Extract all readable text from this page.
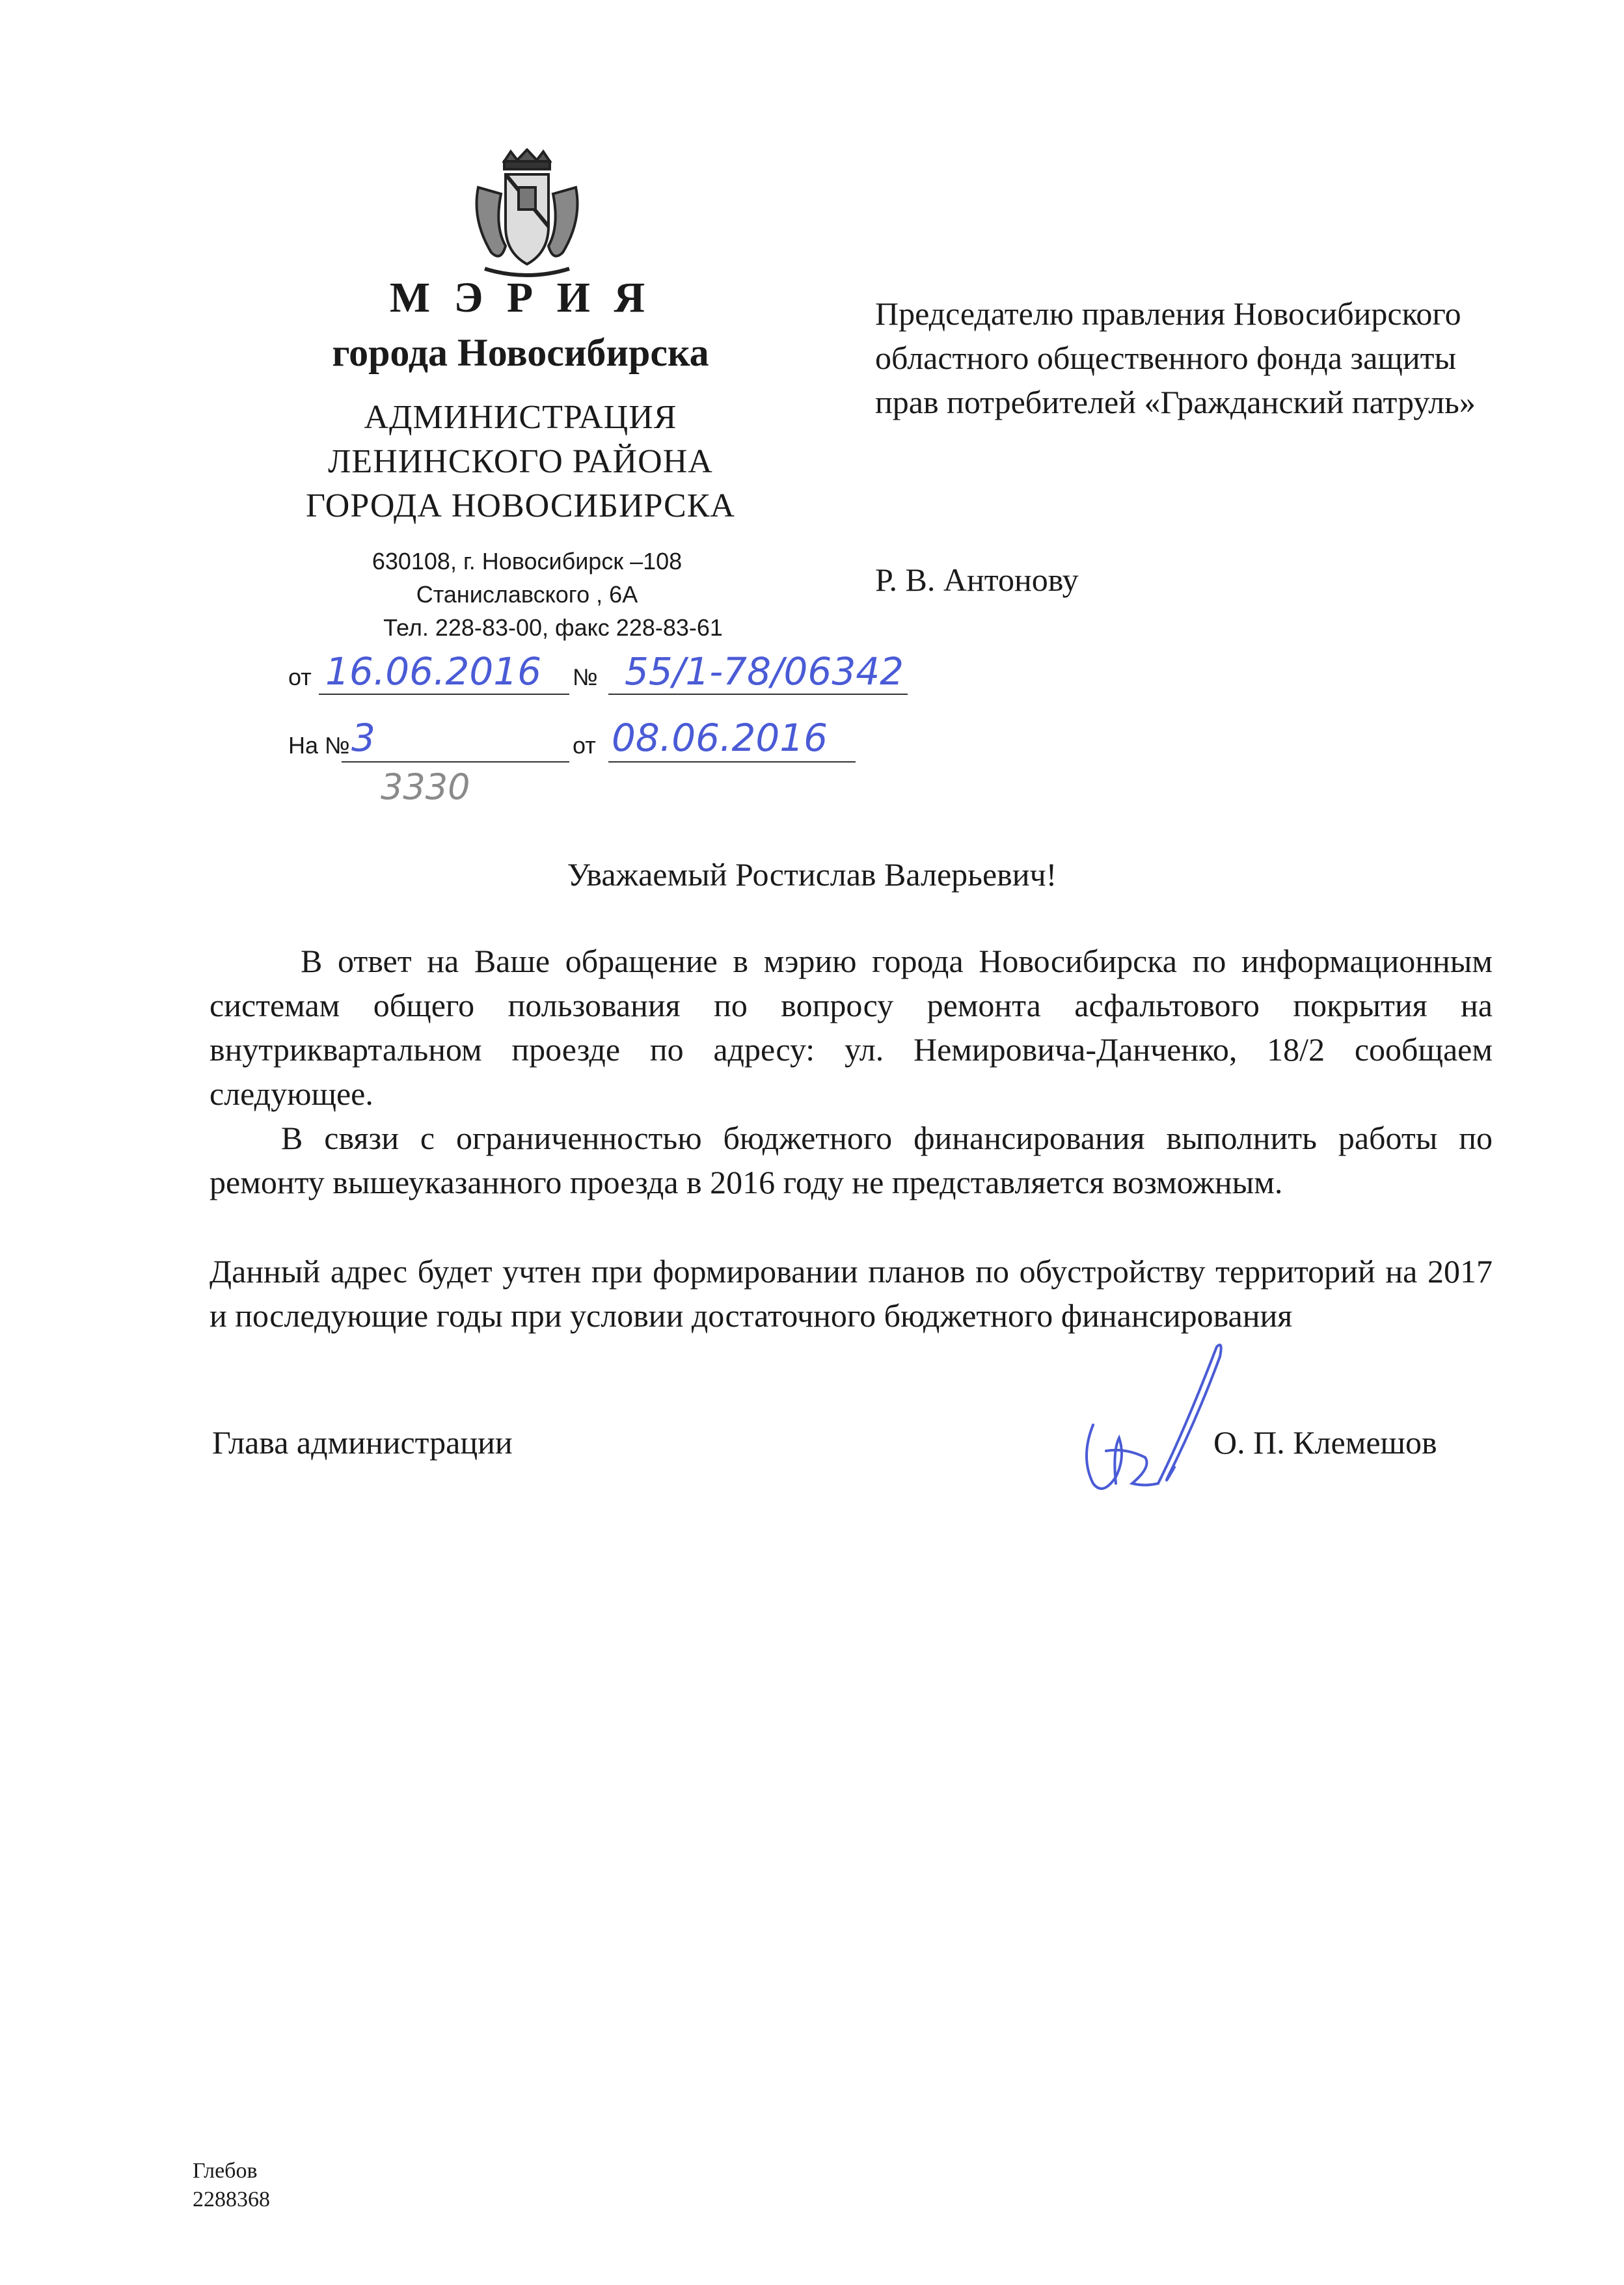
М Э Р И Я
города Новосибирска
АДМИНИСТРАЦИЯ
ЛЕНИНСКОГО РАЙОНА
ГОРОДА НОВОСИБИРСКА
630108, г. Новосибирск –108
Станиславского , 6А
Тел. 228-83-00, факс 228-83-61
от 16.06.2016 № 55/1-78/06342
На № 3	от 08.06.2016
3330
Председателю правления Новосибирского областного общественного фонда защиты прав потребителей «Гражданский патруль»
Р. В. Антонову
Уважаемый Ростислав Валерьевич!
В ответ на Ваше обращение в мэрию города Новосибирска по информационным системам общего пользования по вопросу ремонта асфальтового покрытия на внутриквартальном проезде по адресу: ул. Немировича-Данченко, 18/2 сообщаем следующее.
В связи с ограниченностью бюджетного финансирования выполнить работы по ремонту вышеуказанного проезда в 2016 году не представляется возможным.
Данный адрес будет учтен при формировании планов по обустройству территорий на 2017 и последующие годы при условии достаточного бюджетного финансирования
Глава администрации	О. П. Клемешов
Глебов
2288368
